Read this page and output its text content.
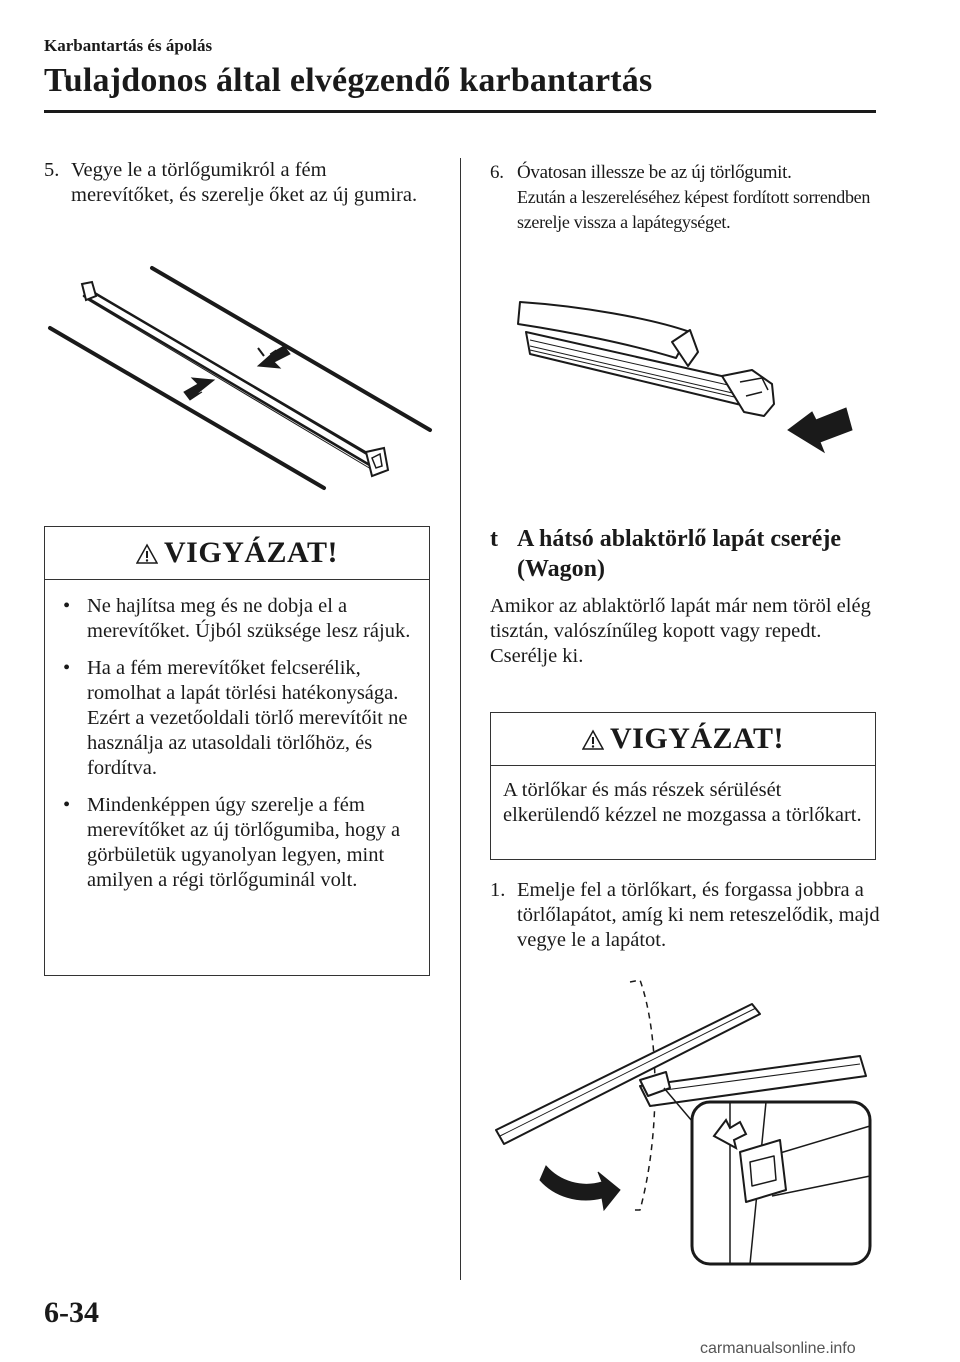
Karbantartás és ápolás
Tulajdonos által elvégzendő karbantartás
5. Vegye le a törlőgumikról a fém merevítőket, és szerelje őket az új gumira.
VIGYÁZAT!
• Ne hajlítsa meg és ne dobja el a merevítőket. Újból szüksége lesz rájuk.
• Ha a fém merevítőket felcserélik, romolhat a lapát törlési hatékonysága. Ezért a vezetőoldali törlő merevítőit ne használja az utasoldali törlőhöz, és fordítva.
• Mindenképpen úgy szerelje a fém merevítőket az új törlőgumiba, hogy a görbületük ugyanolyan legyen, mint amilyen a régi törlőguminál volt.
6. Óvatosan illessze be az új törlőgumit.
Ezután a leszereléséhez képest fordított sorrendben szerelje vissza a lapátegységet.
t A hátsó ablaktörlő lapát cseréje (Wagon)
Amikor az ablaktörlő lapát már nem töröl elég tisztán, valószínűleg kopott vagy repedt.
Cserélje ki.
VIGYÁZAT!
A törlőkar és más részek sérülését elkerülendő kézzel ne mozgassa a törlőkart.
1. Emelje fel a törlőkart, és forgassa jobbra a törlőlapátot, amíg ki nem reteszelődik, majd vegye le a lapátot.
6-34
carmanualsonline.info
